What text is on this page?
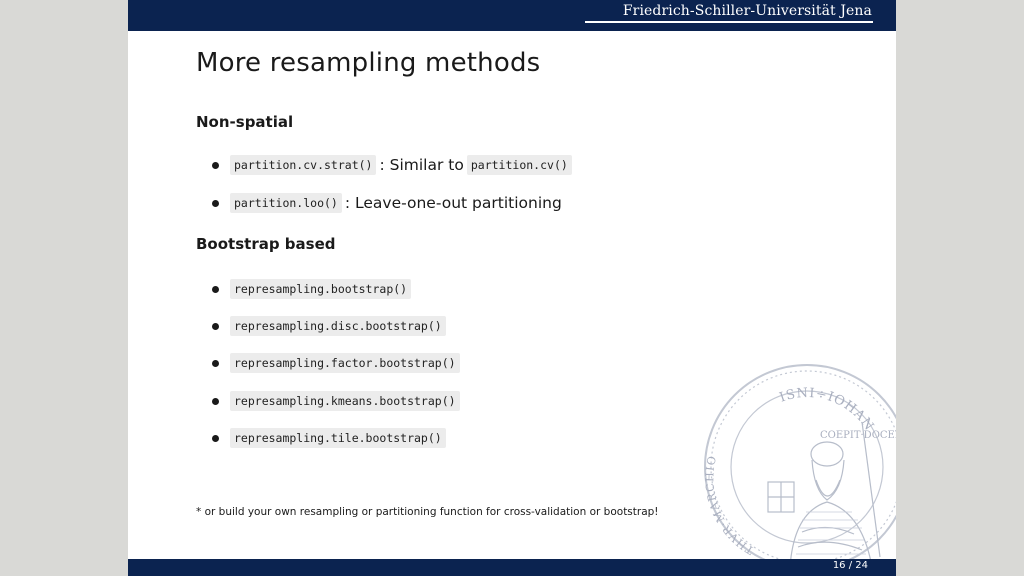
Friedrich-Schiller-Universität Jena
More resampling methods
Non-spatial
partition.cv.strat() : Similar to partition.cv()
partition.loo() : Leave-one-out partitioning
Bootstrap based
represampling.bootstrap()
represampling.disc.bootstrap()
represampling.factor.bootstrap()
represampling.kmeans.bootstrap()
represampling.tile.bootstrap()
ISNI÷IOHAN
COEPIT·DOCERE
THVR·MARCHIO
* or build your own resampling or partitioning function for cross-validation or bootstrap!
16 / 24
